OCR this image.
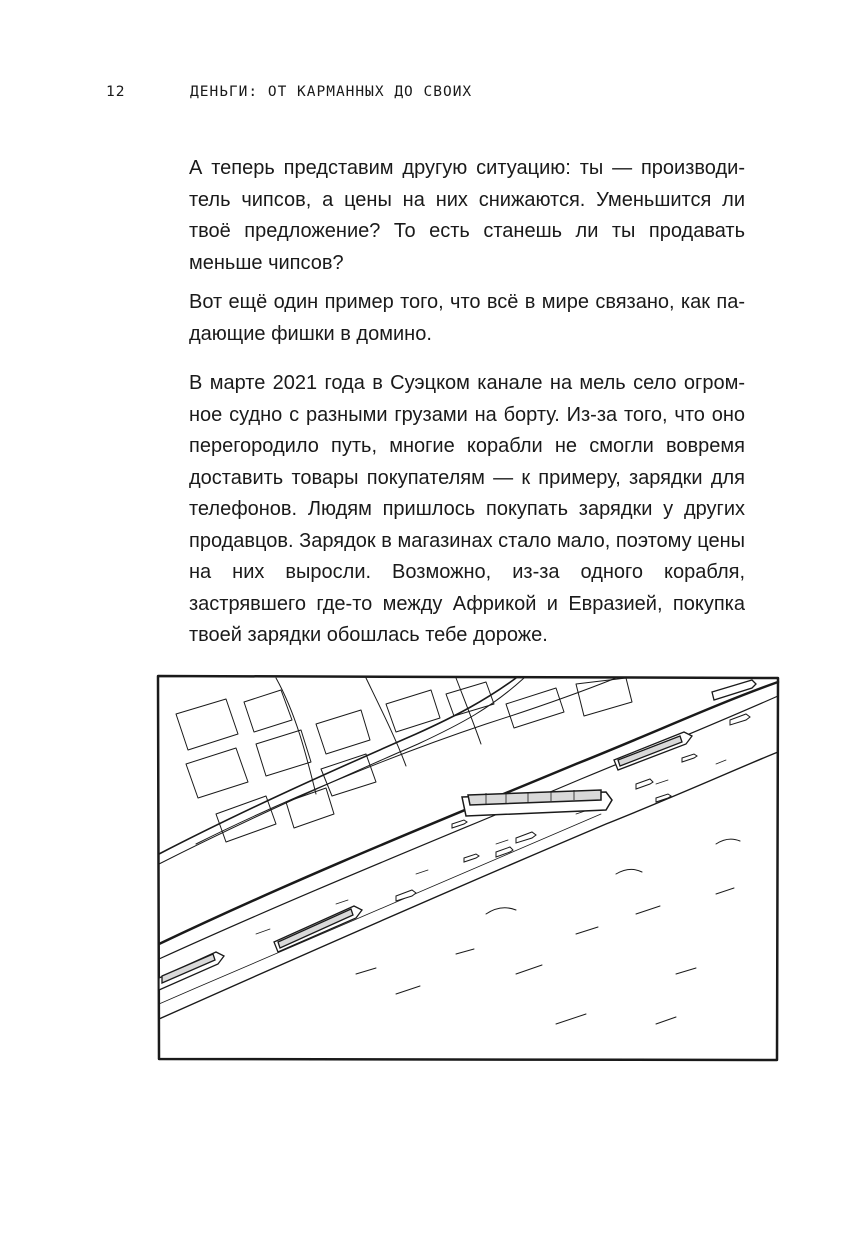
12	ДЕНЬГИ: ОТ КАРМАННЫХ ДО СВОИХ

А теперь представим другую ситуацию: ты — производитель чипсов, а цены на них снижаются. Уменьшится ли твоё предложение? То есть станешь ли ты продавать меньше чипсов?

Вот ещё один пример того, что всё в мире связано, как падающие фишки в домино.

В марте 2021 года в Суэцком канале на мель село огромное судно с разными грузами на борту. Из-за того, что оно перегородило путь, многие корабли не смогли вовремя доставить товары покупателям — к примеру, зарядки для телефонов. Людям пришлось покупать зарядки у других продавцов. Зарядок в магазинах стало мало, поэтому цены на них выросли. Возможно, из-за одного корабля, застрявшего где-то между Африкой и Евразией, покупка твоей зарядки обошлась тебе дороже.
